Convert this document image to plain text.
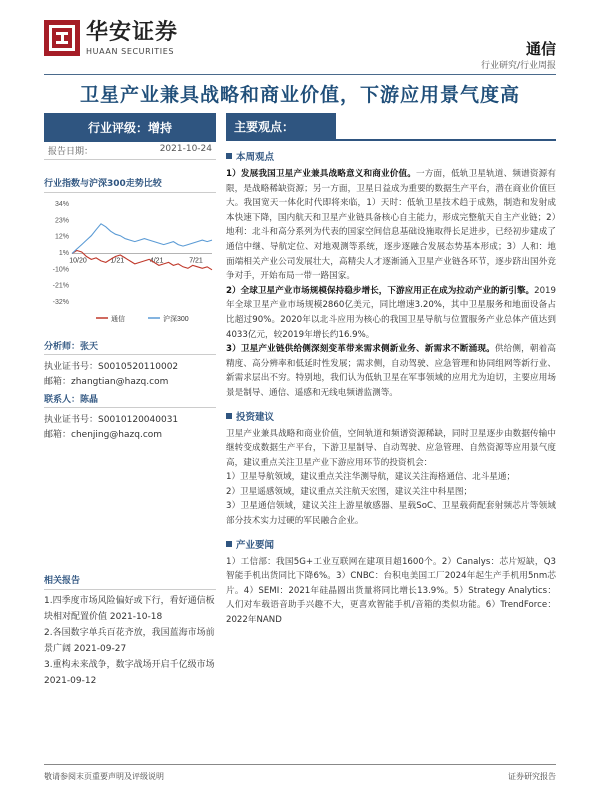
华安证券
HUAAN SECURITIES	通信
行业研究/行业周报
卫星产业兼具战略和商业价值，下游应用景气度高
行业评级：增持
报告日期：	2021-10-24
行业指数与沪深300走势比较
34%
23%
12%
1%
-10%
-21%
-32%
10/20	1/21	4/21	7/21
通信	沪深300
分析师：张天
执业证书号：S0010520110002
邮箱：zhangtian@hazq.com
联系人：陈晶
执业证书号：S0010120040031
邮箱：chenjing@hazq.com
相关报告
1.四季度市场风险偏好或下行，看好通信板块相对配置价值 2021-10-18
2.各国数字单兵百花齐放，我国蓝海市场前景广阔 2021-09-27
3.重构未来战争，数字战场开启千亿级市场 2021-09-12
主要观点：
本周观点

1）发展我国卫星产业兼具战略意义和商业价值。一方面，低轨卫星轨道、频谱资源有限，是战略稀缺资源；另一方面，卫星日益成为重要的数据生产平台，潜在商业价值巨大。我国宽天一体化时代即将来临，1）天时：低轨卫星技术趋于成熟，制造和发射成本快速下降，国内航天和卫星产业链具备核心自主能力，形成完整航天自主产业链；2）地利：北斗和高分系列为代表的国家空间信息基础设施取得长足进步，已经初步建成了通信中继、导航定位、对地观测等系统，逐步逐融合发展态势基本形成；3）人和：地面端相关产业公司发展壮大，高精尖人才逐渐涌入卫星产业链各环节，逐步跻出国外竞争对手，开始布局一带一路国家。

2）全球卫星产业市场规模保持稳步增长，下游应用正在成为拉动产业的新引擎。2019年全球卫星产业市场规模2860亿美元，同比增速3.20%，其中卫星服务和地面设备占比超过90%。2020年以北斗应用为核心的我国卫星导航与位置服务产业总体产值达到4033亿元，较2019年增长约16.9%。

3）卫星产业链供给侧深刻变革带来需求侧新业务、新需求不断涌现。供给侧，朝着高精度、高分辨率和低延时性发展；需求侧，自动驾驶、应急管理和协同组网等新行业、新需求层出不穷。特别地，我们认为低轨卫星在军事领域的应用尤为迫切，主要应用场景是制导、通信、遥感和无线电频谱监测等。

投资建议

卫星产业兼具战略和商业价值，空间轨道和频谱资源稀缺，同时卫星逐步由数据传输中继转变成数据生产平台，下游卫星制导、自动驾驶、应急管理、自然资源等应用景气度高，建议重点关注卫星产业下游应用环节的投资机会：

1）卫星导航领域，建议重点关注华测导航，建议关注海格通信、北斗星通；

2）卫星遥感领域，建议重点关注航天宏图，建议关注中科星图；

3）卫星通信领域，建议关注上游星敏感器、星载SoC、卫星载荷配套射频芯片等领域部分技术实力过硬的军民融合企业。

产业要闻

1）工信部：我国5G+工业互联网在建项目超1600个。2）Canalys：芯片短缺，Q3智能手机出货同比下降6%。3）CNBC：台积电美国工厂2024年起生产手机用5nm芯片。4）SEMI：2021年硅晶圆出货量将同比增长13.9%。5）Strategy Analytics：人们对车载语音助手兴趣不大，更喜欢智能手机/音箱的类似功能。6）TrendForce：2022年NAND

敬请参阅末页重要声明及评级说明	证券研究报告
